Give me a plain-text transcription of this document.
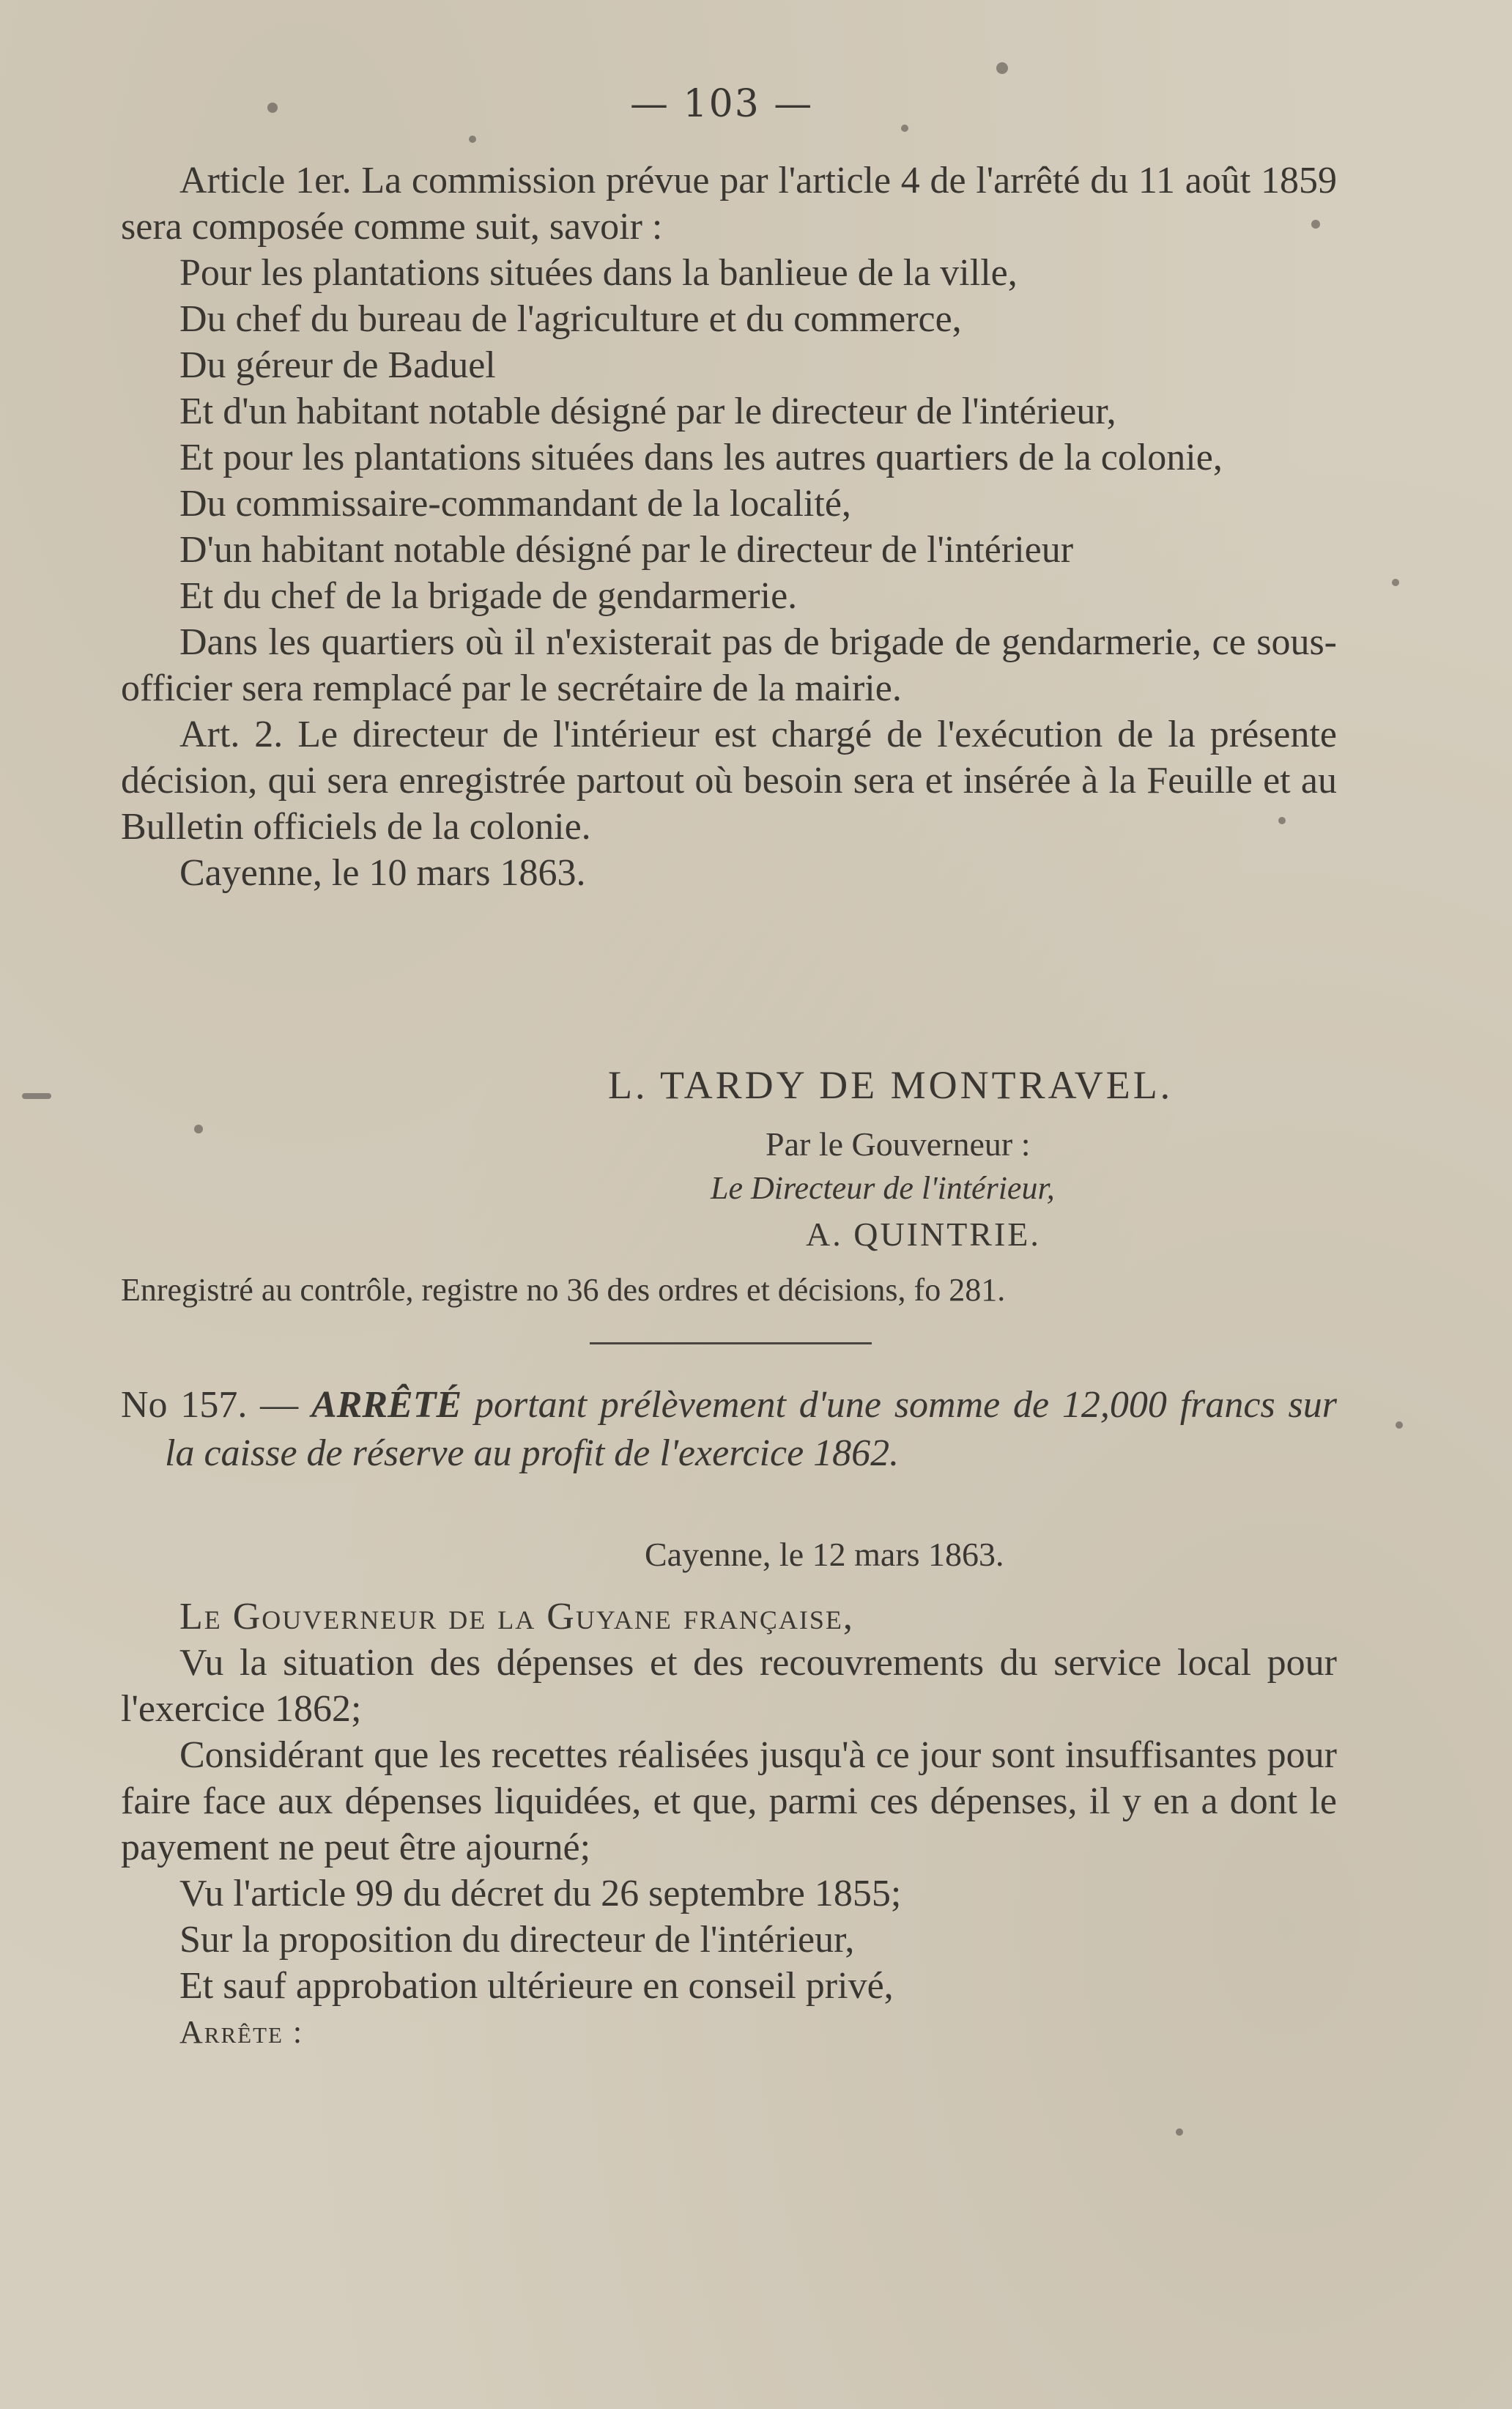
— 103 —

Article 1er. La commission prévue par l'article 4 de l'arrêté du 11 août 1859 sera composée comme suit, savoir :

Pour les plantations situées dans la banlieue de la ville,

Du chef du bureau de l'agriculture et du commerce,

Du géreur de Baduel

Et d'un habitant notable désigné par le directeur de l'intérieur,

Et pour les plantations situées dans les autres quartiers de la colonie,

Du commissaire-commandant de la localité,

D'un habitant notable désigné par le directeur de l'intérieur

Et du chef de la brigade de gendarmerie.

Dans les quartiers où il n'existerait pas de brigade de gendarmerie, ce sous-officier sera remplacé par le secrétaire de la mairie.

Art. 2. Le directeur de l'intérieur est chargé de l'exécution de la présente décision, qui sera enregistrée partout où besoin sera et insérée à la Feuille et au Bulletin officiels de la colonie.

Cayenne, le 10 mars 1863.

L. TARDY DE MONTRAVEL.
Par le Gouverneur :
Le Directeur de l'intérieur,
A. QUINTRIE.
Enregistré au contrôle, registre no 36 des ordres et décisions, fo 281.
No 157. — ARRÊTÉ portant prélèvement d'une somme de 12,000 francs sur la caisse de réserve au profit de l'exercice 1862.
Cayenne, le 12 mars 1863.

Le Gouverneur de la Guyane française,

Vu la situation des dépenses et des recouvrements du service local pour l'exercice 1862;

Considérant que les recettes réalisées jusqu'à ce jour sont insuffisantes pour faire face aux dépenses liquidées, et que, parmi ces dépenses, il y en a dont le payement ne peut être ajourné;

Vu l'article 99 du décret du 26 septembre 1855;

Sur la proposition du directeur de l'intérieur,

Et sauf approbation ultérieure en conseil privé,

Arrête :
